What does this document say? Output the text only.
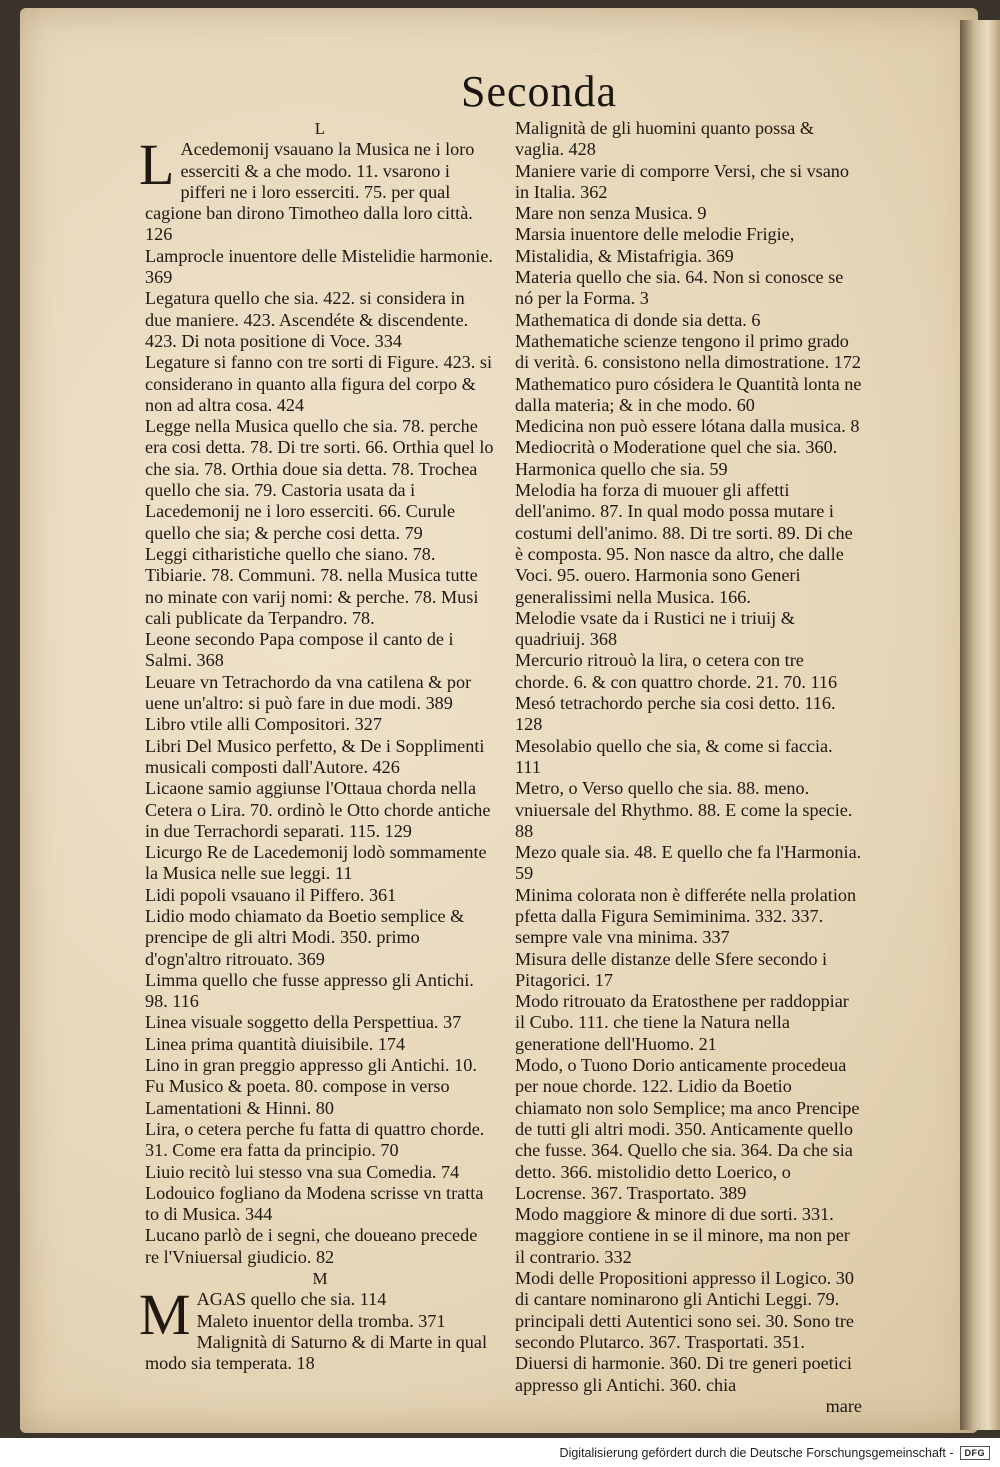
Seconda

L

L Acedemonij vsauano la Musica ne i loro esserciti & a che modo. 11. vsarono i pifferi ne i loro esserciti. 75. per qual cagione ban dirono Timotheo dalla loro città. 126

Lamprocle inuentore delle Mistelidie harmonie. 369

Legatura quello che sia. 422. si considera in due maniere. 423. Ascendéte & discendente. 423. Di nota positione di Voce. 334

Legature si fanno con tre sorti di Figure. 423. si considerano in quanto alla figura del corpo & non ad altra cosa. 424

Legge nella Musica quello che sia. 78. perche era cosi detta. 78. Di tre sorti. 66. Orthia quel lo che sia. 78. Orthia doue sia detta. 78. Trochea quello che sia. 79. Castoria usata da i Lacedemonij ne i loro esserciti. 66. Curule quello che sia; & perche cosi detta. 79

Leggi citharistiche quello che siano. 78. Tibiarie. 78. Communi. 78. nella Musica tutte no minate con varij nomi: & perche. 78. Musi cali publicate da Terpandro. 78.

Leone secondo Papa compose il canto de i Salmi. 368

Leuare vn Tetrachordo da vna catilena & por uene un'altro: si può fare in due modi. 389

Libro vtile alli Compositori. 327

Libri Del Musico perfetto, & De i Sopplimenti musicali composti dall'Autore. 426

Licaone samio aggiunse l'Ottaua chorda nella Cetera o Lira. 70. ordinò le Otto chorde antiche in due Terrachordi separati. 115. 129

Licurgo Re de Lacedemonij lodò sommamente la Musica nelle sue leggi. 11

Lidi popoli vsauano il Piffero. 361

Lidio modo chiamato da Boetio semplice & prencipe de gli altri Modi. 350. primo d'ogn'altro ritrouato. 369

Limma quello che fusse appresso gli Antichi. 98. 116

Linea visuale soggetto della Perspettiua. 37

Linea prima quantità diuisibile. 174

Lino in gran preggio appresso gli Antichi. 10. Fu Musico & poeta. 80. compose in verso Lamentationi & Hinni. 80

Lira, o cetera perche fu fatta di quattro chorde. 31. Come era fatta da principio. 70

Liuio recitò lui stesso vna sua Comedia. 74

Lodouico fogliano da Modena scrisse vn tratta to di Musica. 344

Lucano parlò de i segni, che doueano precede re l'Vniuersal giudicio. 82

M

MAGAS quello che sia. 114

Maleto inuentor della tromba. 371

Malignità di Saturno & di Marte in qual modo sia temperata. 18

Malignità de gli huomini quanto possa & vaglia. 428

Maniere varie di comporre Versi, che si vsano in Italia. 362

Mare non senza Musica. 9

Marsia inuentore delle melodie Frigie, Mistalidia, & Mistafrigia. 369

Materia quello che sia. 64. Non si conosce se nó per la Forma. 3

Mathematica di donde sia detta. 6

Mathematiche scienze tengono il primo grado di verità. 6. consistono nella dimostratione. 172

Mathematico puro cósidera le Quantità lonta ne dalla materia; & in che modo. 60

Medicina non può essere lótana dalla musica. 8

Mediocrità o Moderatione quel che sia. 360. Harmonica quello che sia. 59

Melodia ha forza di muouer gli affetti dell'animo. 87. In qual modo possa mutare i costumi dell'animo. 88. Di tre sorti. 89. Di che è composta. 95. Non nasce da altro, che dalle Voci. 95. ouero. Harmonia sono Generi generalissimi nella Musica. 166.

Melodie vsate da i Rustici ne i triuij & quadriuij. 368

Mercurio ritrouò la lira, o cetera con tre chorde. 6. & con quattro chorde. 21. 70. 116

Mesó tetrachordo perche sia cosi detto. 116. 128

Mesolabio quello che sia, & come si faccia. 111

Metro, o Verso quello che sia. 88. meno. vniuersale del Rhythmo. 88. E come la specie. 88

Mezo quale sia. 48. E quello che fa l'Harmonia. 59

Minima colorata non è differéte nella prolation pfetta dalla Figura Semiminima. 332. 337. sempre vale vna minima. 337

Misura delle distanze delle Sfere secondo i Pitagorici. 17

Modo ritrouato da Eratosthene per raddoppiar il Cubo. 111. che tiene la Natura nella generatione dell'Huomo. 21

Modo, o Tuono Dorio anticamente procedeua per noue chorde. 122. Lidio da Boetio chiamato non solo Semplice; ma anco Prencipe de tutti gli altri modi. 350. Anticamente quello che fusse. 364. Quello che sia. 364. Da che sia detto. 366. mistolidio detto Loerico, o Locrense. 367. Trasportato. 389

Modo maggiore & minore di due sorti. 331. maggiore contiene in se il minore, ma non per il contrario. 332

Modi delle Propositioni appresso il Logico. 30 di cantare nominarono gli Antichi Leggi. 79. principali detti Autentici sono sei. 30. Sono tre secondo Plutarco. 367. Trasportati. 351. Diuersi di harmonie. 360. Di tre generi poetici appresso gli Antichi. 360. chia

mare

Digitalisierung gefördert durch die Deutsche Forschungsgemeinschaft -	DFG
